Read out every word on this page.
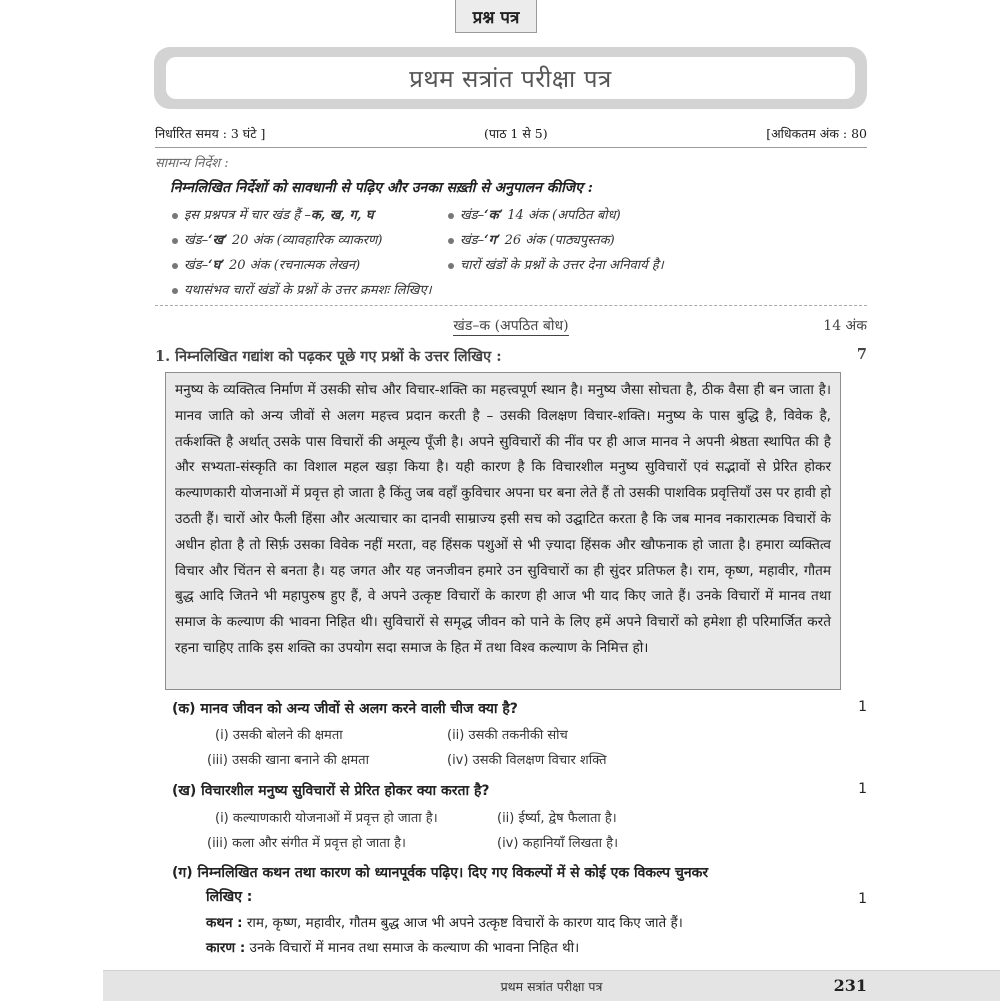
प्रश्न पत्र
प्रथम सत्रांत परीक्षा पत्र
निर्धारित समय : 3 घंटे ]	(पाठ 1 से 5)	[अधिकतम अंक : 80
सामान्य निर्देश :
निम्नलिखित निर्देशों को सावधानी से पढ़िए और उनका सख़्ती से अनुपालन कीजिए :
इस प्रश्नपत्र में चार खंड हैं –क, ख, ग, घ	खंड–‘क’ 14 अंक (अपठित बोध)
खंड–‘ख’ 20 अंक (व्यावहारिक व्याकरण)	खंड–‘ग’ 26 अंक (पाठ्यपुस्तक)
खंड–‘घ’ 20 अंक (रचनात्मक लेखन)	चारों खंडों के प्रश्नों के उत्तर देना अनिवार्य है।
यथासंभव चारों खंडों के प्रश्नों के उत्तर क्रमशः लिखिए।
खंड–क (अपठित बोध)	14 अंक
1. निम्नलिखित गद्यांश को पढ़कर पूछे गए प्रश्नों के उत्तर लिखिए :	7

मनुष्य के व्यक्तित्व निर्माण में उसकी सोच और विचार-शक्ति का महत्त्वपूर्ण स्थान है। मनुष्य जैसा सोचता है, ठीक वैसा ही बन जाता है। मानव जाति को अन्य जीवों से अलग महत्त्व प्रदान करती है – उसकी विलक्षण विचार-शक्ति। मनुष्य के पास बुद्धि है, विवेक है, तर्कशक्ति है अर्थात् उसके पास विचारों की अमूल्य पूँजी है। अपने सुविचारों की नींव पर ही आज मानव ने अपनी श्रेष्ठता स्थापित की है और सभ्यता-संस्कृति का विशाल महल खड़ा किया है। यही कारण है कि विचारशील मनुष्य सुविचारों एवं सद्भावों से प्रेरित होकर कल्याणकारी योजनाओं में प्रवृत्त हो जाता है किंतु जब वहाँ कुविचार अपना घर बना लेते हैं तो उसकी पाशविक प्रवृत्तियाँ उस पर हावी हो उठती हैं। चारों ओर फैली हिंसा और अत्याचार का दानवी साम्राज्य इसी सच को उद्घाटित करता है कि जब मानव नकारात्मक विचारों के अधीन होता है तो सिर्फ़ उसका विवेक नहीं मरता, वह हिंसक पशुओं से भी ज़्यादा हिंसक और खौफनाक हो जाता है। हमारा व्यक्तित्व विचार और चिंतन से बनता है। यह जगत और यह जनजीवन हमारे उन सुविचारों का ही सुंदर प्रतिफल है। राम, कृष्ण, महावीर, गौतम बुद्ध आदि जितने भी महापुरुष हुए हैं, वे अपने उत्कृष्ट विचारों के कारण ही आज भी याद किए जाते हैं। उनके विचारों में मानव तथा समाज के कल्याण की भावना निहित थी। सुविचारों से समृद्ध जीवन को पाने के लिए हमें अपने विचारों को हमेशा ही परिमार्जित करते रहना चाहिए ताकि इस शक्ति का उपयोग सदा समाज के हित में तथा विश्व कल्याण के निमित्त हो।

(क) मानव जीवन को अन्य जीवों से अलग करने वाली चीज क्या है?	1
(i) उसकी बोलने की क्षमता	(ii) उसकी तकनीकी सोच
(iii) उसकी खाना बनाने की क्षमता	(iv) उसकी विलक्षण विचार शक्ति
(ख) विचारशील मनुष्य सुविचारों से प्रेरित होकर क्या करता है?	1
(i) कल्याणकारी योजनाओं में प्रवृत्त हो जाता है।	(ii) ईर्ष्या, द्वेष फैलाता है।
(iii) कला और संगीत में प्रवृत्त हो जाता है।	(iv) कहानियाँ लिखता है।
(ग) निम्नलिखित कथन तथा कारण को ध्यानपूर्वक पढ़िए। दिए गए विकल्पों में से कोई एक विकल्प चुनकर
लिखिए :	1
कथन : राम, कृष्ण, महावीर, गौतम बुद्ध आज भी अपने उत्कृष्ट विचारों के कारण याद किए जाते हैं।
कारण : उनके विचारों में मानव तथा समाज के कल्याण की भावना निहित थी।
प्रथम सत्रांत परीक्षा पत्र	231
